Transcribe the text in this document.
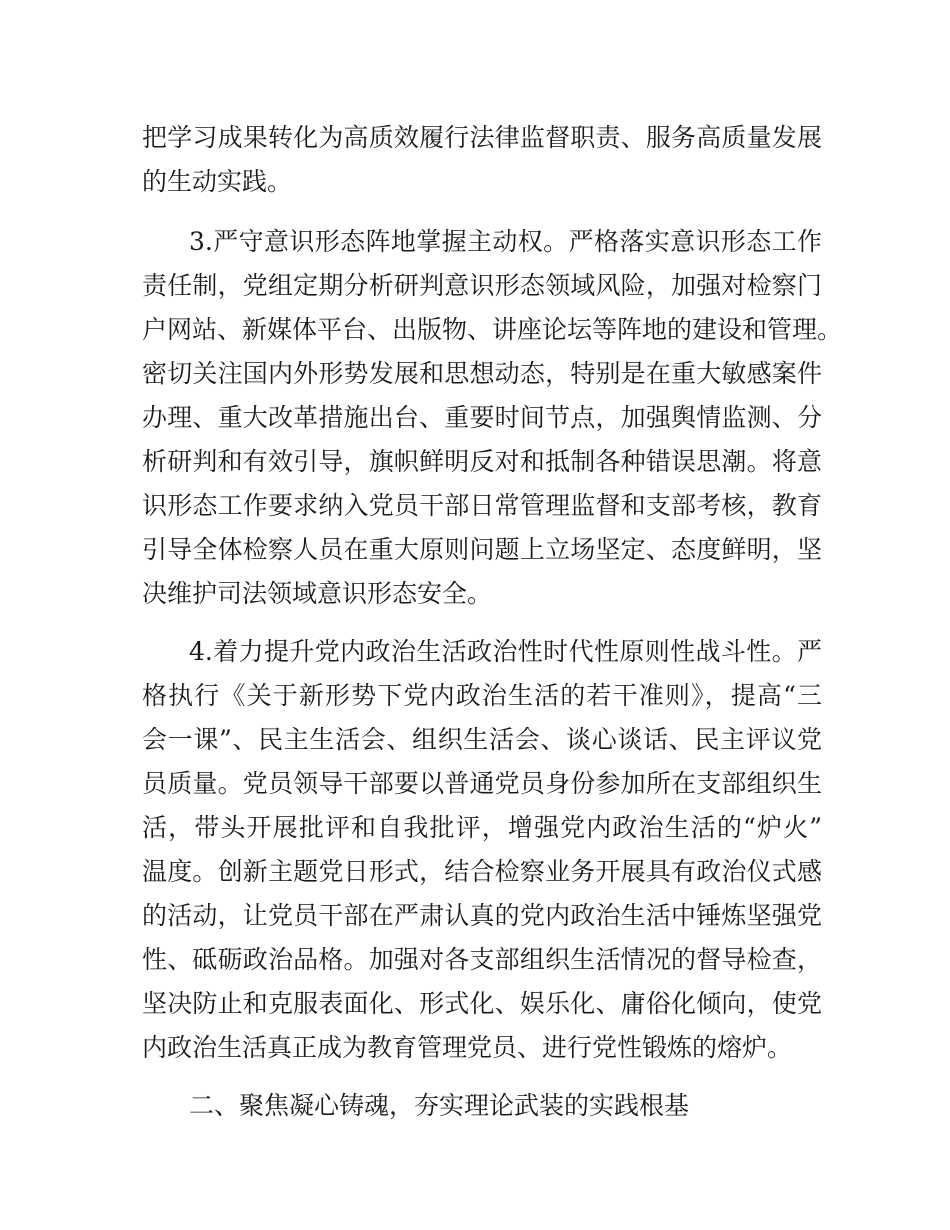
把学习成果转化为高质效履行法律监督职责、服务高质量发展
的生动实践。
3.严守意识形态阵地掌握主动权。严格落实意识形态工作
责任制，党组定期分析研判意识形态领域风险，加强对检察门
户网站、新媒体平台、出版物、讲座论坛等阵地的建设和管理。
密切关注国内外形势发展和思想动态，特别是在重大敏感案件
办理、重大改革措施出台、重要时间节点，加强舆情监测、分
析研判和有效引导，旗帜鲜明反对和抵制各种错误思潮。将意
识形态工作要求纳入党员干部日常管理监督和支部考核，教育
引导全体检察人员在重大原则问题上立场坚定、态度鲜明，坚
决维护司法领域意识形态安全。
4.着力提升党内政治生活政治性时代性原则性战斗性。严
格执行《关于新形势下党内政治生活的若干准则》，提高“三
会一课”、民主生活会、组织生活会、谈心谈话、民主评议党
员质量。党员领导干部要以普通党员身份参加所在支部组织生
活，带头开展批评和自我批评，增强党内政治生活的“炉火”
温度。创新主题党日形式，结合检察业务开展具有政治仪式感
的活动，让党员干部在严肃认真的党内政治生活中锤炼坚强党
性、砥砺政治品格。加强对各支部组织生活情况的督导检查，
坚决防止和克服表面化、形式化、娱乐化、庸俗化倾向，使党
内政治生活真正成为教育管理党员、进行党性锻炼的熔炉。
二、聚焦凝心铸魂，夯实理论武装的实践根基
